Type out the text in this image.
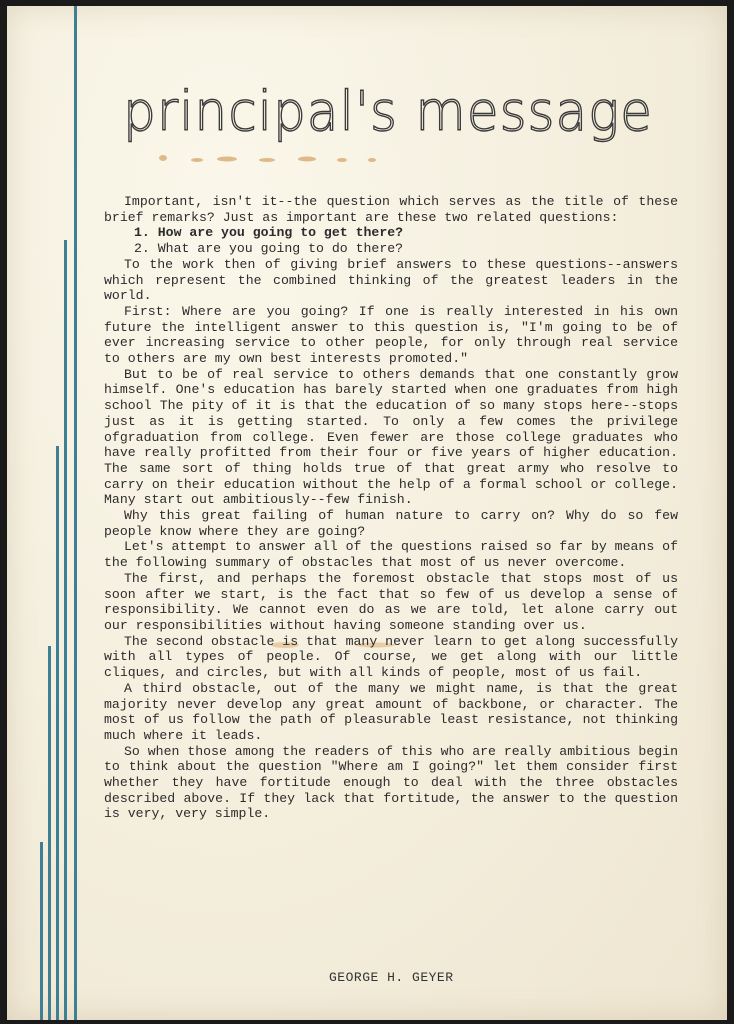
principal's message

Important, isn't it--the question which serves as the title of these brief remarks? Just as important are these two related questions:

1. How are you going to get there?

2. What are you going to do there?

To the work then of giving brief answers to these questions--answers which represent the combined thinking of the greatest leaders in the world.

First: Where are you going? If one is really interested in his own future the intelligent answer to this question is, "I'm going to be of ever increasing service to other people, for only through real service to others are my own best interests promoted."

But to be of real service to others demands that one constantly grow himself. One's education has barely started when one graduates from high school The pity of it is that the education of so many stops here--stops just as it is getting started. To only a few comes the privilege ofgraduation from college. Even fewer are those college graduates who have really profitted from their four or five years of higher education. The same sort of thing holds true of that great army who resolve to carry on their education without the help of a formal school or college. Many start out ambitiously--few finish.

Why this great failing of human nature to carry on? Why do so few people know where they are going?

Let's attempt to answer all of the questions raised so far by means of the following summary of obstacles that most of us never overcome.

The first, and perhaps the foremost obstacle that stops most of us soon after we start, is the fact that so few of us develop a sense of responsibility. We cannot even do as we are told, let alone carry out our responsibilities without having someone standing over us.

The second obstacle is that many never learn to get along successfully with all types of people. Of course, we get along with our little cliques, and circles, but with all kinds of people, most of us fail.

A third obstacle, out of the many we might name, is that the great majority never develop any great amount of backbone, or character. The most of us follow the path of pleasurable least resistance, not thinking much where it leads.

So when those among the readers of this who are really ambitious begin to think about the question "Where am I going?" let them consider first whether they have fortitude enough to deal with the three obstacles described above. If they lack that fortitude, the answer to the question is very, very simple.

GEORGE H. GEYER
